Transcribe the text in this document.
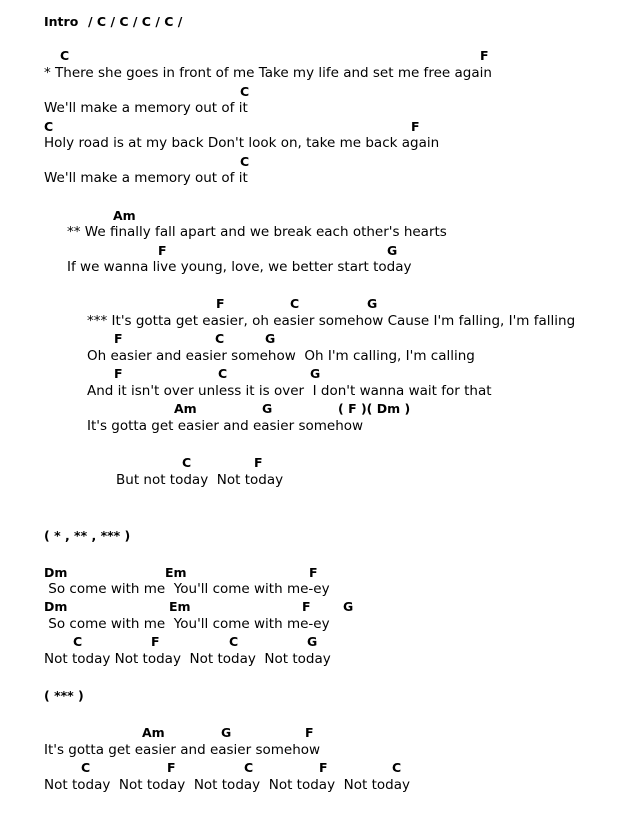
Intro / C / C / C / C /
C	F
* There she goes in front of me Take my life and set me free again
C
We'll make a memory out of it
C	F
Holy road is at my back Don't look on, take me back again
C
We'll make a memory out of it
Am
** We finally fall apart and we break each other's hearts
F	G
If we wanna live young, love, we better start today
F	C	G
*** It's gotta get easier, oh easier somehow Cause I'm falling, I'm falling
F	C	G
Oh easier and easier somehow  Oh I'm calling, I'm calling
F	C	G
And it isn't over unless it is over  I don't wanna wait for that
Am	G	( F )( Dm )
It's gotta get easier and easier somehow
C	F
But not today  Not today
( * , ** , *** )
Dm	Em	F
So come with me  You'll come with me-ey
Dm	Em	F	G
So come with me  You'll come with me-ey
C	F	C	G
Not today Not today  Not today  Not today
( *** )
Am	G	F
It's gotta get easier and easier somehow
C	F	C	F	C
Not today  Not today  Not today  Not today  Not today
